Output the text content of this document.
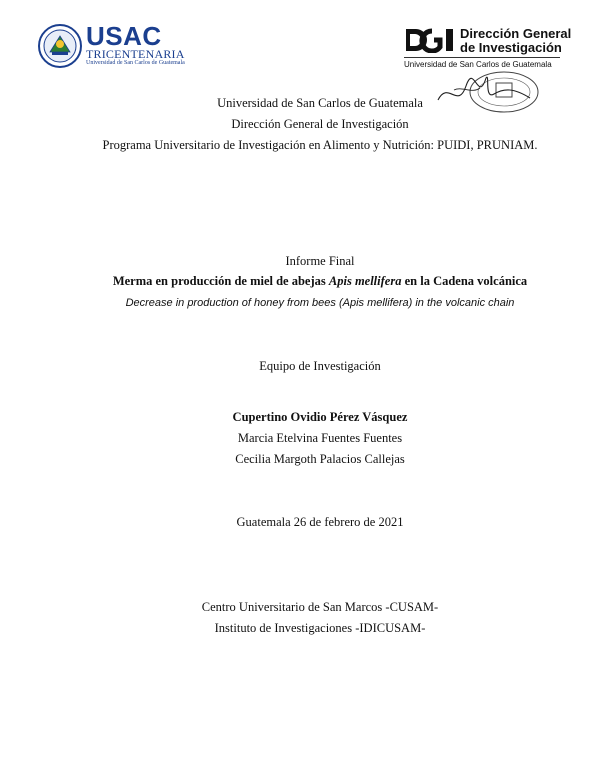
USAC
TRICENTENARIA
Universidad de San Carlos de Guatemala
Dirección General
de Investigación
Universidad de San Carlos de Guatemala
Universidad de San Carlos de Guatemala
Dirección General de Investigación
Programa Universitario de Investigación en Alimento y Nutrición: PUIDI, PRUNIAM.
Informe Final
Merma en producción de miel de abejas Apis mellifera en la Cadena volcánica
Decrease in production of honey from bees (Apis mellifera) in the volcanic chain
Equipo de Investigación
Cupertino Ovidio Pérez Vásquez
Marcia Etelvina Fuentes Fuentes
Cecilia Margoth Palacios Callejas
Guatemala 26 de febrero de 2021
Centro Universitario de San Marcos -CUSAM-
Instituto de Investigaciones -IDICUSAM-
